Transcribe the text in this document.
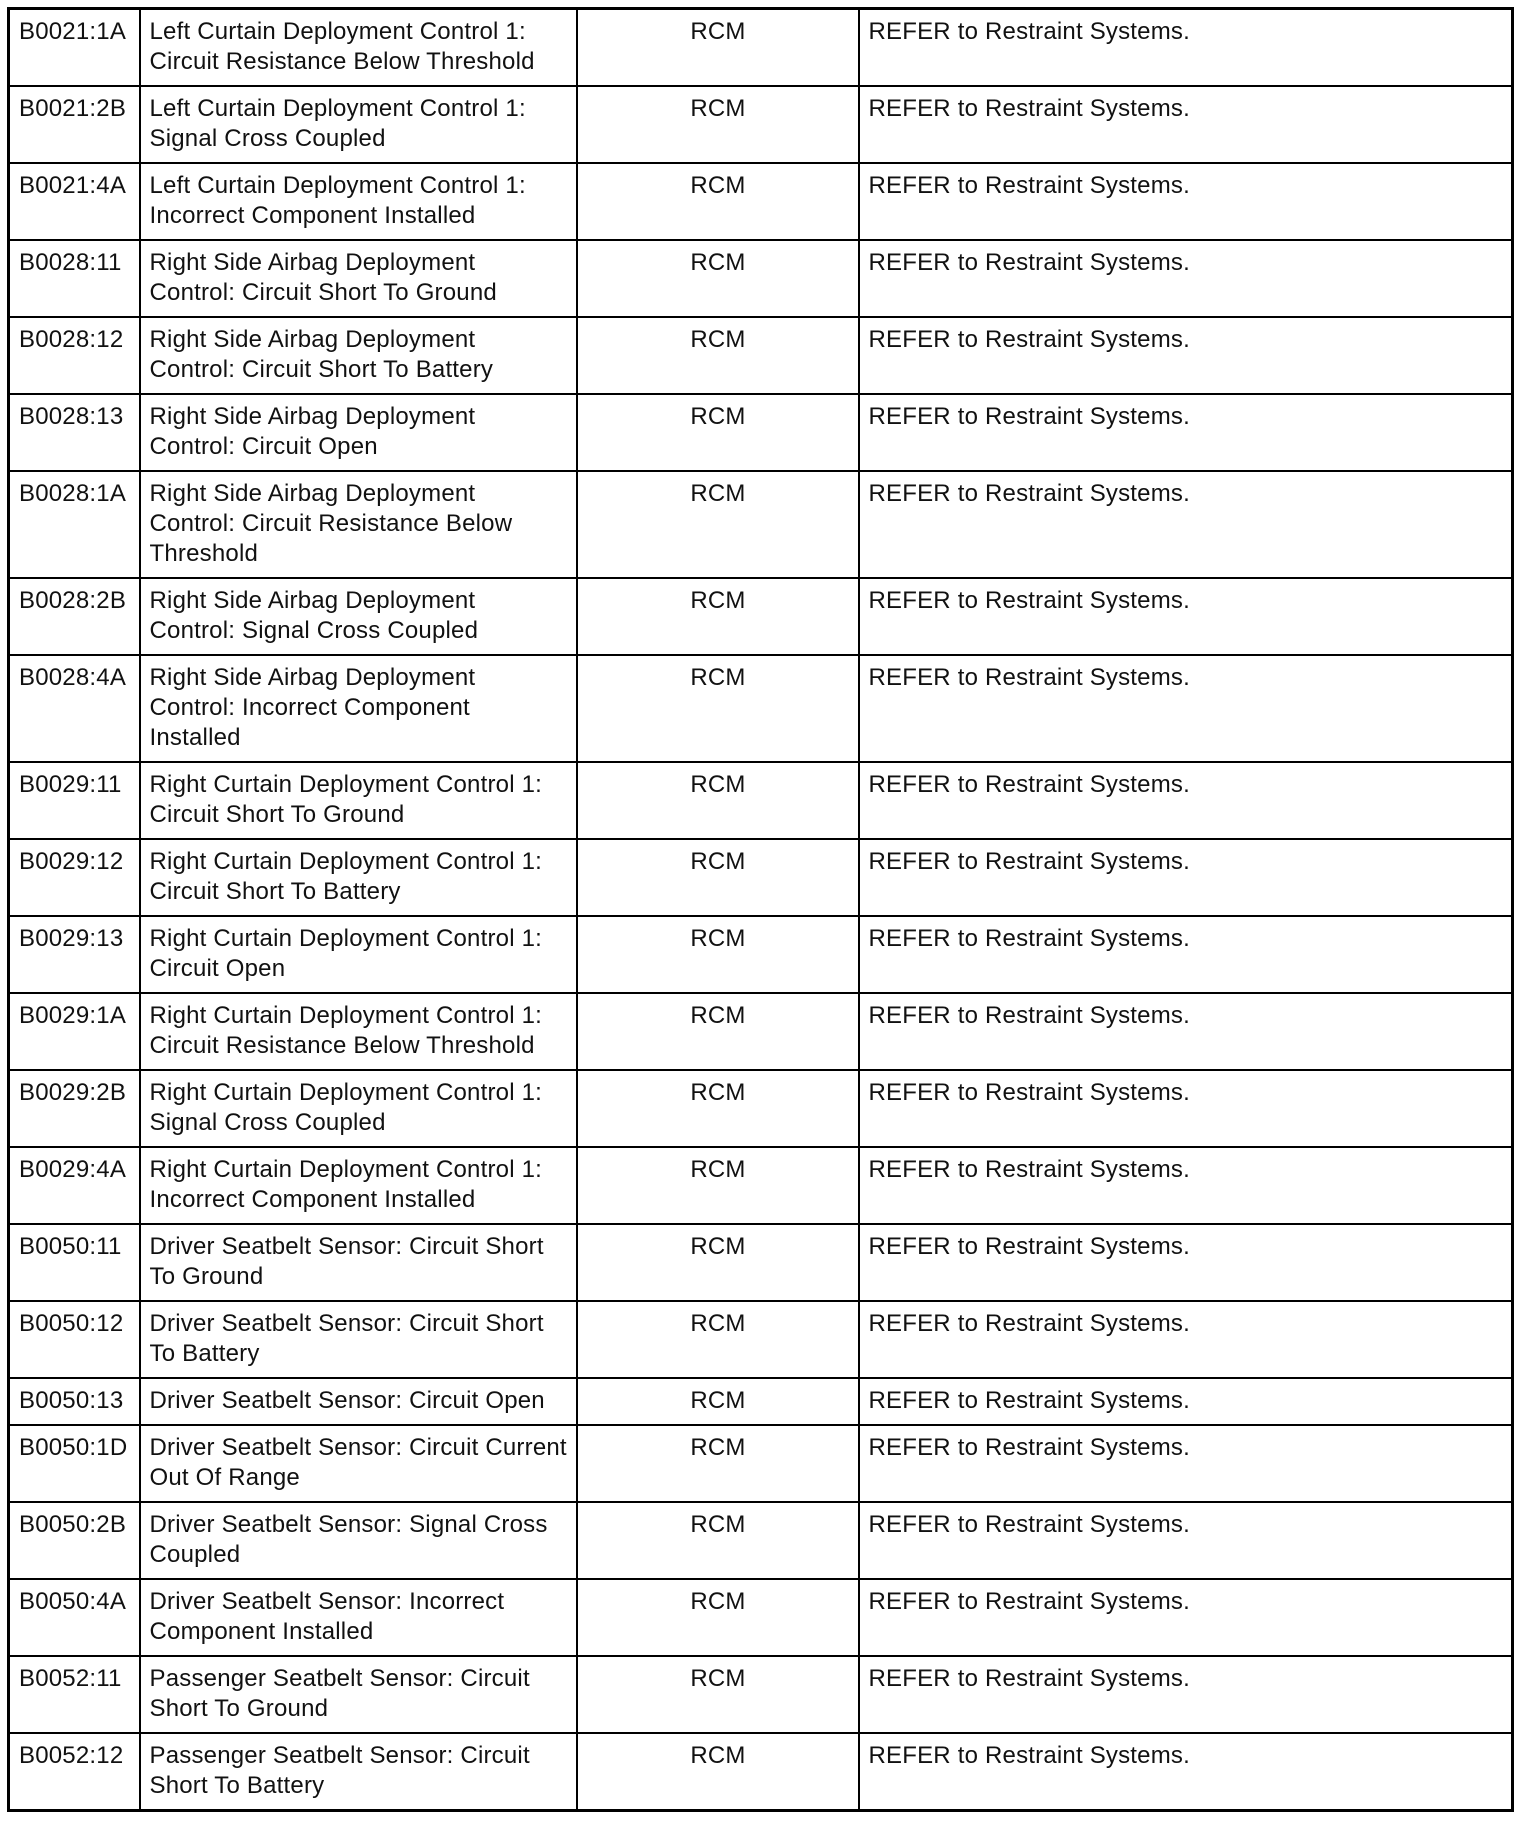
B0021:1A	Left Curtain Deployment Control 1: Circuit Resistance Below Threshold	RCM	REFER to Restraint Systems.
B0021:2B	Left Curtain Deployment Control 1: Signal Cross Coupled	RCM	REFER to Restraint Systems.
B0021:4A	Left Curtain Deployment Control 1: Incorrect Component Installed	RCM	REFER to Restraint Systems.
B0028:11	Right Side Airbag Deployment Control: Circuit Short To Ground	RCM	REFER to Restraint Systems.
B0028:12	Right Side Airbag Deployment Control: Circuit Short To Battery	RCM	REFER to Restraint Systems.
B0028:13	Right Side Airbag Deployment Control: Circuit Open	RCM	REFER to Restraint Systems.
B0028:1A	Right Side Airbag Deployment Control: Circuit Resistance Below Threshold	RCM	REFER to Restraint Systems.
B0028:2B	Right Side Airbag Deployment Control: Signal Cross Coupled	RCM	REFER to Restraint Systems.
B0028:4A	Right Side Airbag Deployment Control: Incorrect Component Installed	RCM	REFER to Restraint Systems.
B0029:11	Right Curtain Deployment Control 1: Circuit Short To Ground	RCM	REFER to Restraint Systems.
B0029:12	Right Curtain Deployment Control 1: Circuit Short To Battery	RCM	REFER to Restraint Systems.
B0029:13	Right Curtain Deployment Control 1: Circuit Open	RCM	REFER to Restraint Systems.
B0029:1A	Right Curtain Deployment Control 1: Circuit Resistance Below Threshold	RCM	REFER to Restraint Systems.
B0029:2B	Right Curtain Deployment Control 1: Signal Cross Coupled	RCM	REFER to Restraint Systems.
B0029:4A	Right Curtain Deployment Control 1: Incorrect Component Installed	RCM	REFER to Restraint Systems.
B0050:11	Driver Seatbelt Sensor: Circuit Short To Ground	RCM	REFER to Restraint Systems.
B0050:12	Driver Seatbelt Sensor: Circuit Short To Battery	RCM	REFER to Restraint Systems.
B0050:13	Driver Seatbelt Sensor: Circuit Open	RCM	REFER to Restraint Systems.
B0050:1D	Driver Seatbelt Sensor: Circuit Current Out Of Range	RCM	REFER to Restraint Systems.
B0050:2B	Driver Seatbelt Sensor: Signal Cross Coupled	RCM	REFER to Restraint Systems.
B0050:4A	Driver Seatbelt Sensor: Incorrect Component Installed	RCM	REFER to Restraint Systems.
B0052:11	Passenger Seatbelt Sensor: Circuit Short To Ground	RCM	REFER to Restraint Systems.
B0052:12	Passenger Seatbelt Sensor: Circuit Short To Battery	RCM	REFER to Restraint Systems.
